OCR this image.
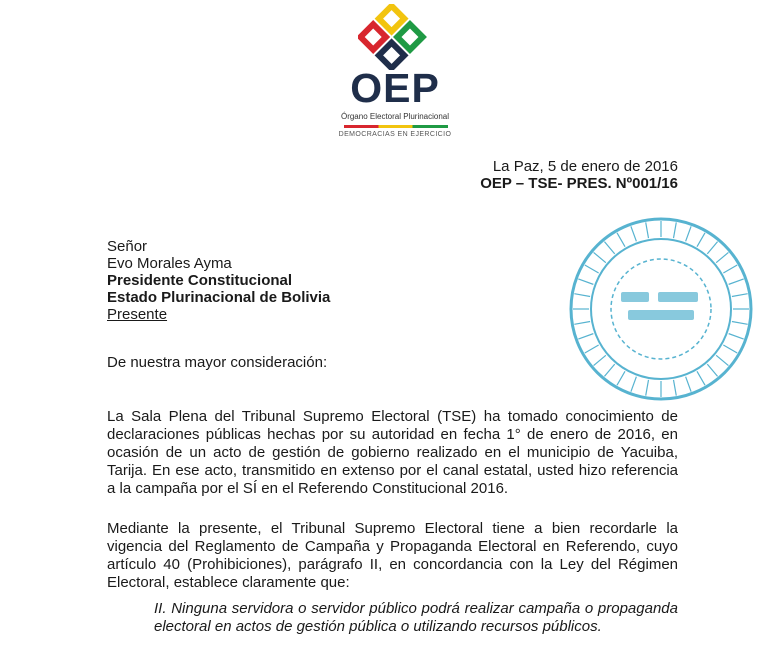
OEP
Órgano Electoral Plurinacional
DEMOCRACIAS EN EJERCICIO
La Paz, 5 de enero de 2016
OEP – TSE- PRES. Nº001/16
Señor
Evo Morales Ayma
Presidente Constitucional
Estado Plurinacional de Bolivia
Presente
De nuestra mayor consideración:
La Sala Plena del Tribunal Supremo Electoral (TSE) ha tomado conocimiento de declaraciones públicas hechas por su autoridad en fecha 1° de enero de 2016, en ocasión de un acto de gestión de gobierno realizado en el municipio de Yacuiba, Tarija. En ese acto, transmitido en extenso por el canal estatal, usted hizo referencia a la campaña por el SÍ en el Referendo Constitucional 2016.
Mediante la presente, el Tribunal Supremo Electoral tiene a bien recordarle la vigencia del Reglamento de Campaña y Propaganda Electoral en Referendo, cuyo artículo 40 (Prohibiciones), parágrafo II, en concordancia con la Ley del Régimen Electoral, establece claramente que:
II. Ninguna servidora o servidor público podrá realizar campaña o propaganda electoral en actos de gestión pública o utilizando recursos públicos.
